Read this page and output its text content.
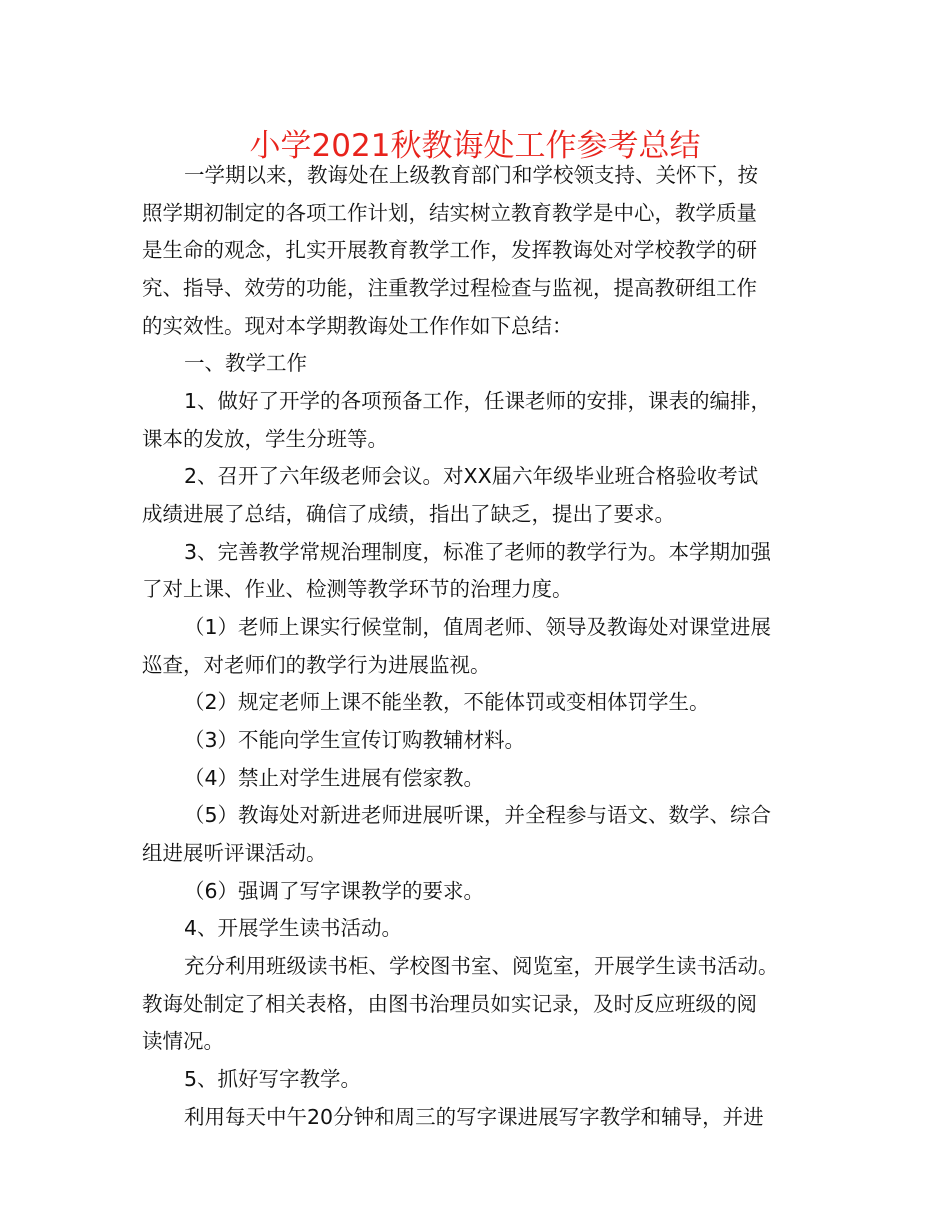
小学2021秋教诲处工作参考总结
一学期以来，教诲处在上级教育部门和学校领支持、关怀下，按
照学期初制定的各项工作计划，结实树立教育教学是中心，教学质量
是生命的观念，扎实开展教育教学工作，发挥教诲处对学校教学的研
究、指导、效劳的功能，注重教学过程检查与监视，提高教研组工作
的实效性。现对本学期教诲处工作作如下总结：
一、教学工作
1、做好了开学的各项预备工作，任课老师的安排，课表的编排，
课本的发放，学生分班等。
2、召开了六年级老师会议。对XX届六年级毕业班合格验收考试
成绩进展了总结，确信了成绩，指出了缺乏，提出了要求。
3、完善教学常规治理制度，标准了老师的教学行为。本学期加强
了对上课、作业、检测等教学环节的治理力度。
（1）老师上课实行候堂制，值周老师、领导及教诲处对课堂进展
巡查，对老师们的教学行为进展监视。
（2）规定老师上课不能坐教，不能体罚或变相体罚学生。
（3）不能向学生宣传订购教辅材料。
（4）禁止对学生进展有偿家教。
（5）教诲处对新进老师进展听课，并全程参与语文、数学、综合
组进展听评课活动。
（6）强调了写字课教学的要求。
4、开展学生读书活动。
充分利用班级读书柜、学校图书室、阅览室，开展学生读书活动。
教诲处制定了相关表格，由图书治理员如实记录，及时反应班级的阅
读情况。
5、抓好写字教学。
利用每天中午20分钟和周三的写字课进展写字教学和辅导，并进
